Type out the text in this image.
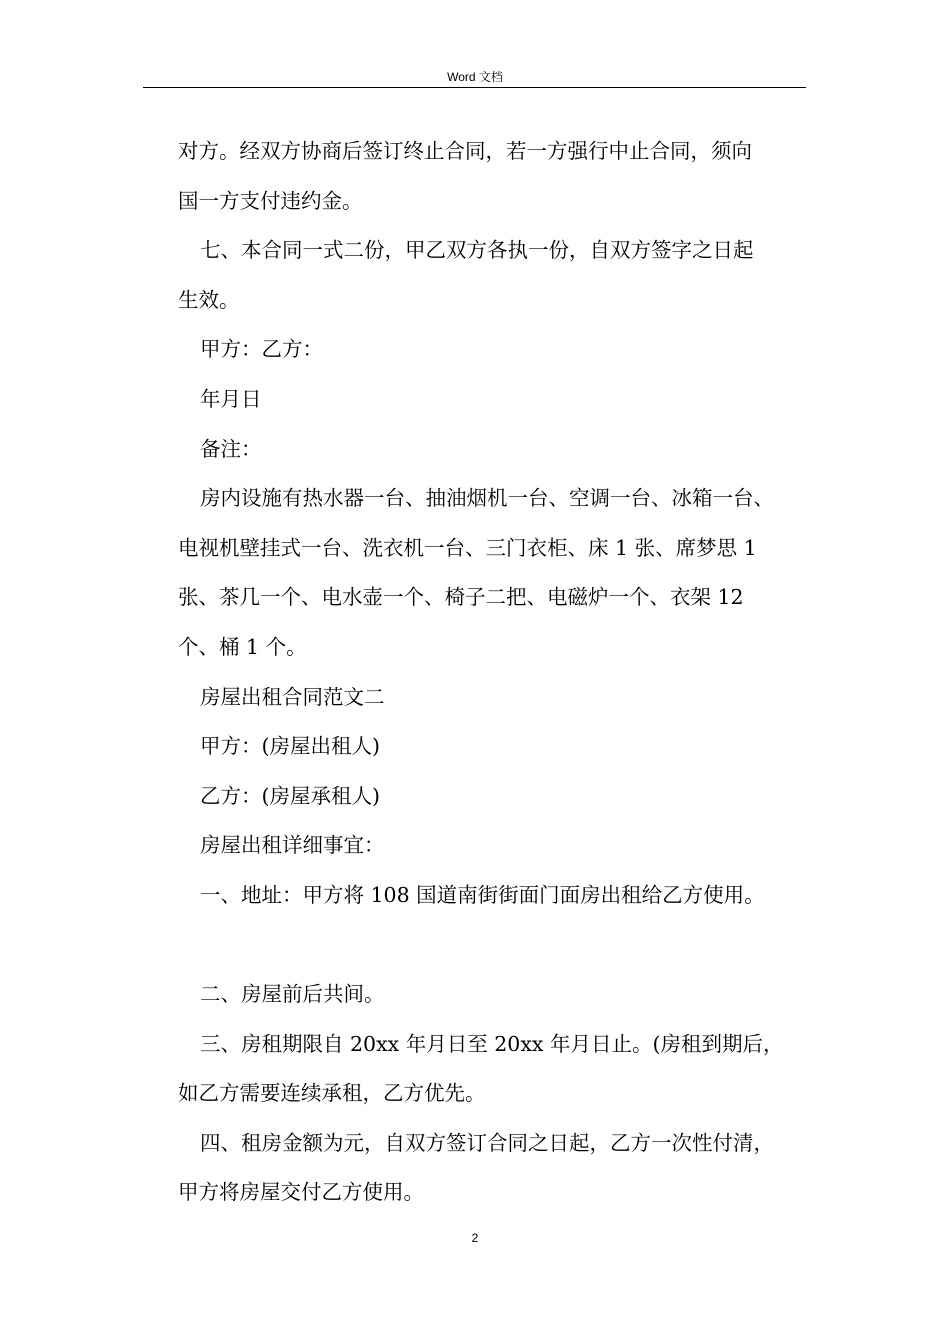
Word 文档

对方。经双方协商后签订终止合同，若一方强行中止合同，须向

国一方支付违约金。

七、本合同一式二份，甲乙双方各执一份，自双方签字之日起

生效。

甲方：乙方：

年月日

备注：

房内设施有热水器一台、抽油烟机一台、空调一台、冰箱一台、

电视机壁挂式一台、洗衣机一台、三门衣柜、床 1 张、席梦思 1

张、茶几一个、电水壶一个、椅子二把、电磁炉一个、衣架 12

个、桶 1 个。

房屋出租合同范文二

甲方：(房屋出租人)

乙方：(房屋承租人)

房屋出租详细事宜：

一、地址：甲方将 108 国道南街街面门面房出租给乙方使用。

二、房屋前后共间。

三、房租期限自 20xx 年月日至 20xx 年月日止。(房租到期后，

如乙方需要连续承租，乙方优先。

四、租房金额为元，自双方签订合同之日起，乙方一次性付清，

甲方将房屋交付乙方使用。

2
